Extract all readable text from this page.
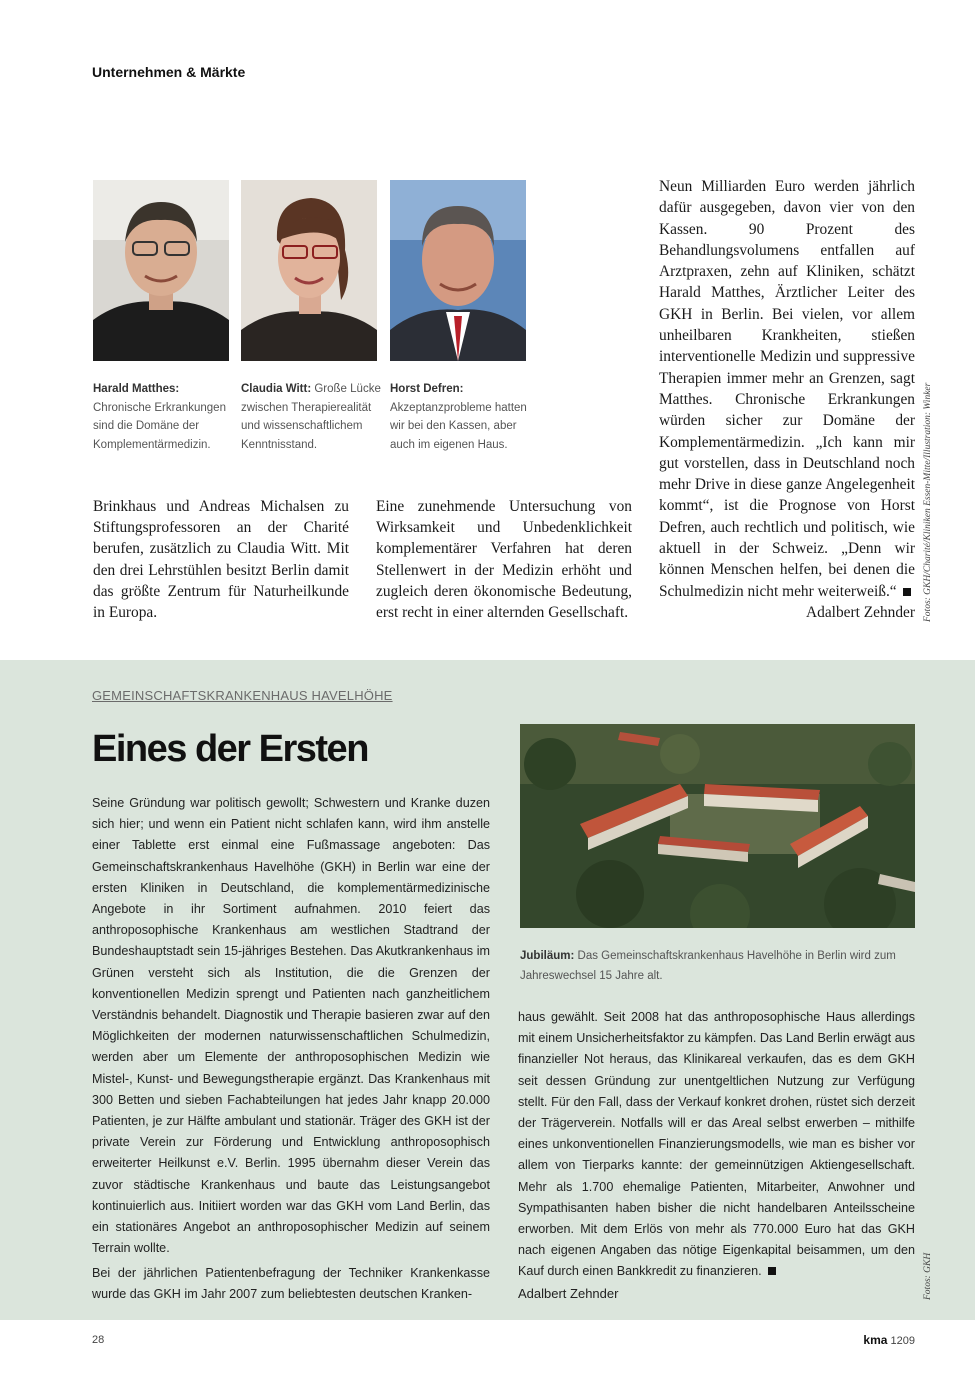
Unternehmen & Märkte
Harald Matthes: Chronische Erkrankungen sind die Domäne der Komplementärmedizin.
Claudia Witt: Große Lücke zwischen Therapierealität und wissenschaftlichem Kenntnisstand.
Horst Defren: Akzeptanzprobleme hatten wir bei den Kassen, aber auch im eigenen Haus.

Brinkhaus und Andreas Michalsen zu Stiftungsprofessoren an der Charité berufen, zusätzlich zu Claudia Witt. Mit den drei Lehrstühlen besitzt Berlin damit das größte Zentrum für Naturheilkunde in Europa.

Eine zunehmende Untersuchung von Wirksamkeit und Unbedenklichkeit komplementärer Verfahren hat deren Stellenwert in der Medizin erhöht und zugleich deren ökonomische Bedeutung, erst recht in einer alternden Gesellschaft.

Neun Milliarden Euro werden jährlich dafür ausgegeben, davon vier von den Kassen. 90 Prozent des Behandlungsvolumens entfallen auf Arztpraxen, zehn auf Kliniken, schätzt Harald Matthes, Ärztlicher Leiter des GKH in Berlin. Bei vielen, vor allem unheilbaren Krankheiten, stießen interventionelle Medizin und suppressive Therapien immer mehr an Grenzen, sagt Matthes. Chronische Erkrankungen würden sicher zur Domäne der Komplementärmedizin. „Ich kann mir gut vorstellen, dass in Deutschland noch mehr Drive in diese ganze Angelegenheit kommt“, ist die Prognose von Horst Defren, auch rechtlich und politisch, wie aktuell in der Schweiz. „Denn wir können Menschen helfen, bei denen die Schulmedizin nicht mehr weiterweiß.“

Adalbert Zehnder Fotos: GKH/Charité/Kliniken Essen-Mitte/Illustration: Winker
GEMEINSCHAFTSKRANKENHAUS HAVELHÖHE
Eines der Ersten

Seine Gründung war politisch gewollt; Schwestern und Kranke duzen sich hier; und wenn ein Patient nicht schlafen kann, wird ihm anstelle einer Tablette erst einmal eine Fußmassage angeboten: Das Gemeinschaftskrankenhaus Havelhöhe (GKH) in Berlin war eine der ersten Kliniken in Deutschland, die komplementärmedizinische Angebote in ihr Sortiment aufnahmen. 2010 feiert das anthroposophische Krankenhaus am westlichen Stadtrand der Bundeshauptstadt sein 15-jähriges Bestehen. Das Akutkrankenhaus im Grünen versteht sich als Institution, die die Grenzen der konventionellen Medizin sprengt und Patienten nach ganzheitlichem Verständnis behandelt. Diagnostik und Therapie basieren zwar auf den Möglichkeiten der modernen naturwissenschaftlichen Schulmedizin, werden aber um Elemente der anthroposophischen Medizin wie Mistel-, Kunst- und Bewegungstherapie ergänzt. Das Krankenhaus mit 300 Betten und sieben Fachabteilungen hat jedes Jahr knapp 20.000 Patienten, je zur Hälfte ambulant und stationär. Träger des GKH ist der private Verein zur Förderung und Entwicklung anthroposophisch erweiterter Heilkunst e.V. Berlin. 1995 übernahm dieser Verein das zuvor städtische Krankenhaus und baute das Leistungsangebot kontinuierlich aus. Initiiert worden war das GKH vom Land Berlin, das ein stationäres Angebot an anthroposophischer Medizin auf seinem Terrain wollte.

Bei der jährlichen Patientenbefragung der Techniker Krankenkasse wurde das GKH im Jahr 2007 zum beliebtesten deutschen Kranken-

Jubiläum: Das Gemeinschaftskrankenhaus Havelhöhe in Berlin wird zum Jahreswechsel 15 Jahre alt.

haus gewählt. Seit 2008 hat das anthroposophische Haus allerdings mit einem Unsicherheitsfaktor zu kämpfen. Das Land Berlin erwägt aus finanzieller Not heraus, das Klinikareal verkaufen, das es dem GKH seit dessen Gründung zur unentgeltlichen Nutzung zur Verfügung stellt. Für den Fall, dass der Verkauf konkret drohen, rüstet sich derzeit der Trägerverein. Notfalls will er das Areal selbst erwerben – mithilfe eines unkonventionellen Finanzierungsmodells, wie man es bisher vor allem von Tierparks kannte: der gemeinnützigen Aktiengesellschaft. Mehr als 1.700 ehemalige Patienten, Mitarbeiter, Anwohner und Sympathisanten haben bisher die nicht handelbaren Anteilsscheine erworben. Mit dem Erlös von mehr als 770.000 Euro hat das GKH nach eigenen Angaben das nötige Eigenkapital beisammen, um den Kauf durch einen Bankkredit zu finanzieren.

Adalbert Zehnder	Fotos: GKH
28	kma 1209
